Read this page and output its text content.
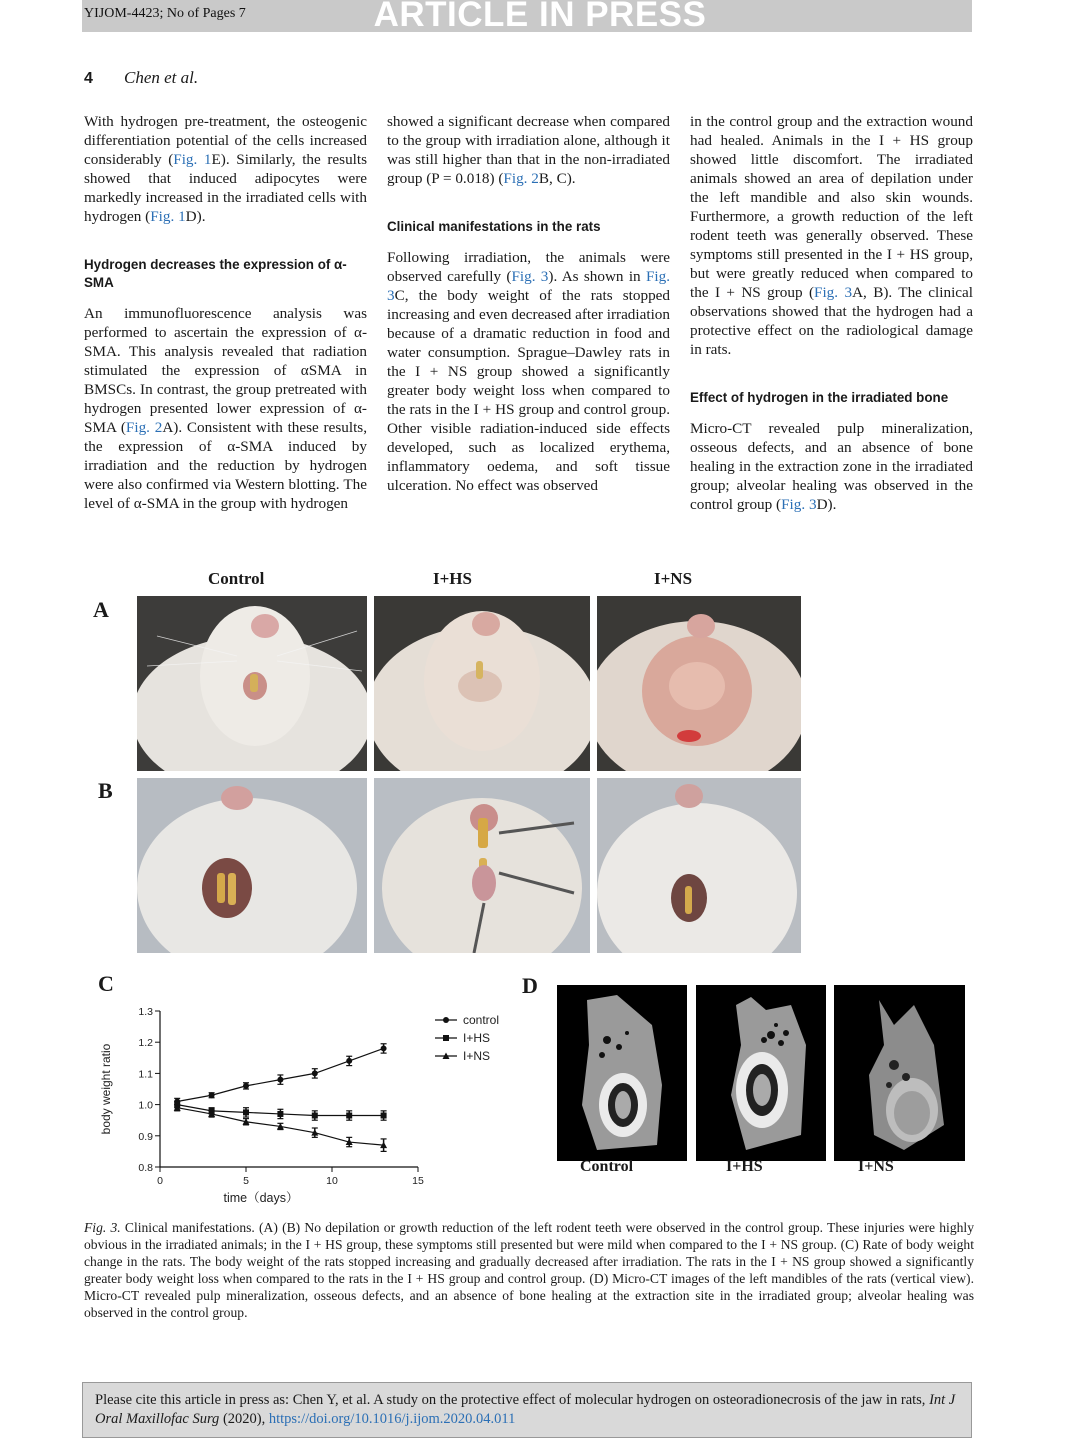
YIJOM-4423; No of Pages 7	ARTICLE IN PRESS
4 Chen et al.

With hydrogen pre-treatment, the osteogenic differentiation potential of the cells increased considerably (Fig. 1E). Similarly, the results showed that induced adipocytes were markedly increased in the irradiated cells with hydrogen (Fig. 1D).

Hydrogen decreases the expression of α-SMA

An immunofluorescence analysis was performed to ascertain the expression of α-SMA. This analysis revealed that radiation stimulated the expression of αSMA in BMSCs. In contrast, the group pretreated with hydrogen presented lower expression of α-SMA (Fig. 2A). Consistent with these results, the expression of α-SMA induced by irradiation and the reduction by hydrogen were also confirmed via Western blotting. The level of α-SMA in the group with hydrogen

showed a significant decrease when compared to the group with irradiation alone, although it was still higher than that in the non-irradiated group (P = 0.018) (Fig. 2B, C).

Clinical manifestations in the rats

Following irradiation, the animals were observed carefully (Fig. 3). As shown in Fig. 3C, the body weight of the rats stopped increasing and even decreased after irradiation because of a dramatic reduction in food and water consumption. Sprague–Dawley rats in the I + NS group showed a significantly greater body weight loss when compared to the rats in the I + HS group and control group. Other visible radiation-induced side effects developed, such as localized erythema, inflammatory oedema, and soft tissue ulceration. No effect was observed

in the control group and the extraction wound had healed. Animals in the I + HS group showed little discomfort. The irradiated animals showed an area of depilation under the left mandible and also skin wounds. Furthermore, a growth reduction of the left rodent teeth was generally observed. These symptoms still presented in the I + HS group, but were greatly reduced when compared to the I + NS group (Fig. 3A, B). The clinical observations showed that the hydrogen had a protective effect on the radiological damage in rats.

Effect of hydrogen in the irradiated bone

Micro-CT revealed pulp mineralization, osseous defects, and an absence of bone healing in the extraction zone in the irradiated group; alveolar healing was observed in the control group (Fig. 3D).

Control	I+HS	I+NS
A
B
C
0.8
0.9
1.0
1.1
1.2
1.3
0	5	10	15
time（days）
body weight ratio
control
I+HS
I+NS
D
Control	I+HS	I+NS

Fig. 3. Clinical manifestations. (A) (B) No depilation or growth reduction of the left rodent teeth were observed in the control group. These injuries were highly obvious in the irradiated animals; in the I + HS group, these symptoms still presented but were mild when compared to the I + NS group. (C) Rate of body weight change in the rats. The body weight of the rats stopped increasing and gradually decreased after irradiation. The rats in the I + NS group showed a significantly greater body weight loss when compared to the rats in the I + HS group and control group. (D) Micro-CT images of the left mandibles of the rats (vertical view). Micro-CT revealed pulp mineralization, osseous defects, and an absence of bone healing at the extraction site in the irradiated group; alveolar healing was observed in the control group.

Please cite this article in press as: Chen Y, et al. A study on the protective effect of molecular hydrogen on osteoradionecrosis of the jaw in rats, Int J Oral Maxillofac Surg (2020), https://doi.org/10.1016/j.ijom.2020.04.011
